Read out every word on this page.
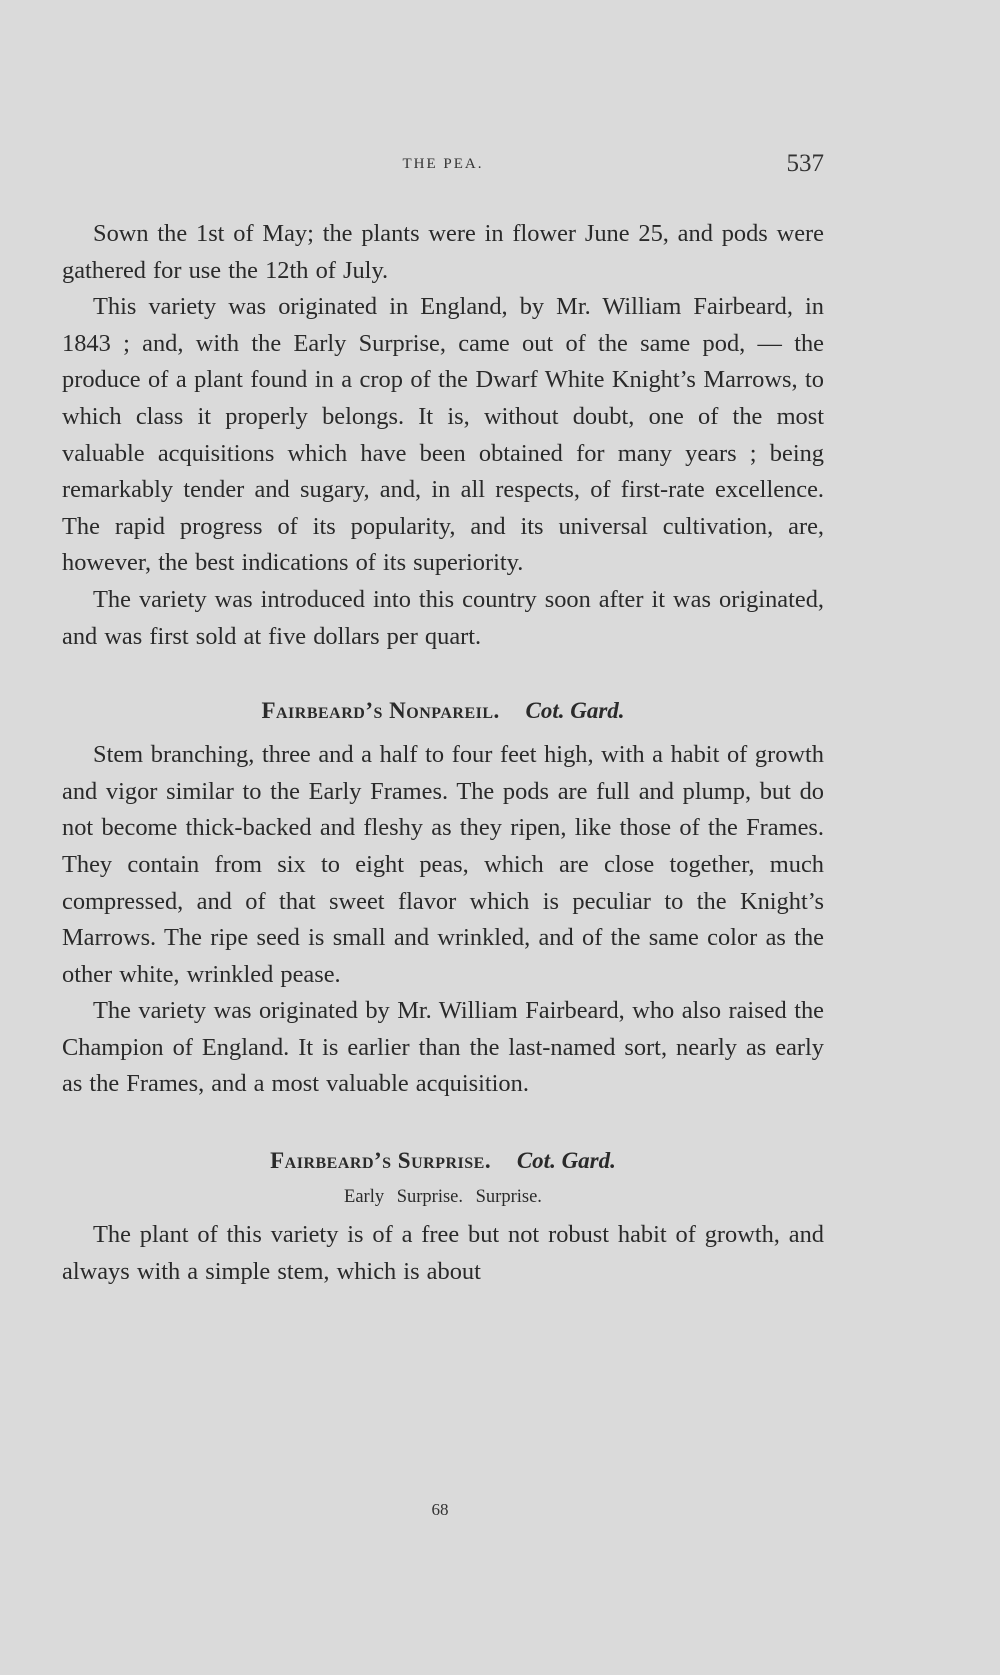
THE PEA.	537

Sown the 1st of May; the plants were in flower June 25, and pods were gathered for use the 12th of July.

This variety was originated in England, by Mr. William Fairbeard, in 1843 ; and, with the Early Surprise, came out of the same pod, — the produce of a plant found in a crop of the Dwarf White Knight’s Marrows, to which class it properly belongs. It is, without doubt, one of the most valuable acquisitions which have been obtained for many years ; being remarkably tender and sugary, and, in all respects, of first-rate excellence. The rapid progress of its popularity, and its universal cultivation, are, however, the best indications of its superiority.

The variety was introduced into this country soon after it was originated, and was first sold at five dollars per quart.

Fairbeard’s Nonpareil. Cot. Gard.

Stem branching, three and a half to four feet high, with a habit of growth and vigor similar to the Early Frames. The pods are full and plump, but do not become thick-backed and fleshy as they ripen, like those of the Frames. They contain from six to eight peas, which are close together, much compressed, and of that sweet flavor which is peculiar to the Knight’s Marrows. The ripe seed is small and wrinkled, and of the same color as the other white, wrinkled pease.

The variety was originated by Mr. William Fairbeard, who also raised the Champion of England. It is earlier than the last-named sort, nearly as early as the Frames, and a most valuable acquisition.

Fairbeard’s Surprise. Cot. Gard.
Early Surprise. Surprise.

The plant of this variety is of a free but not robust habit of growth, and always with a simple stem, which is about

68
